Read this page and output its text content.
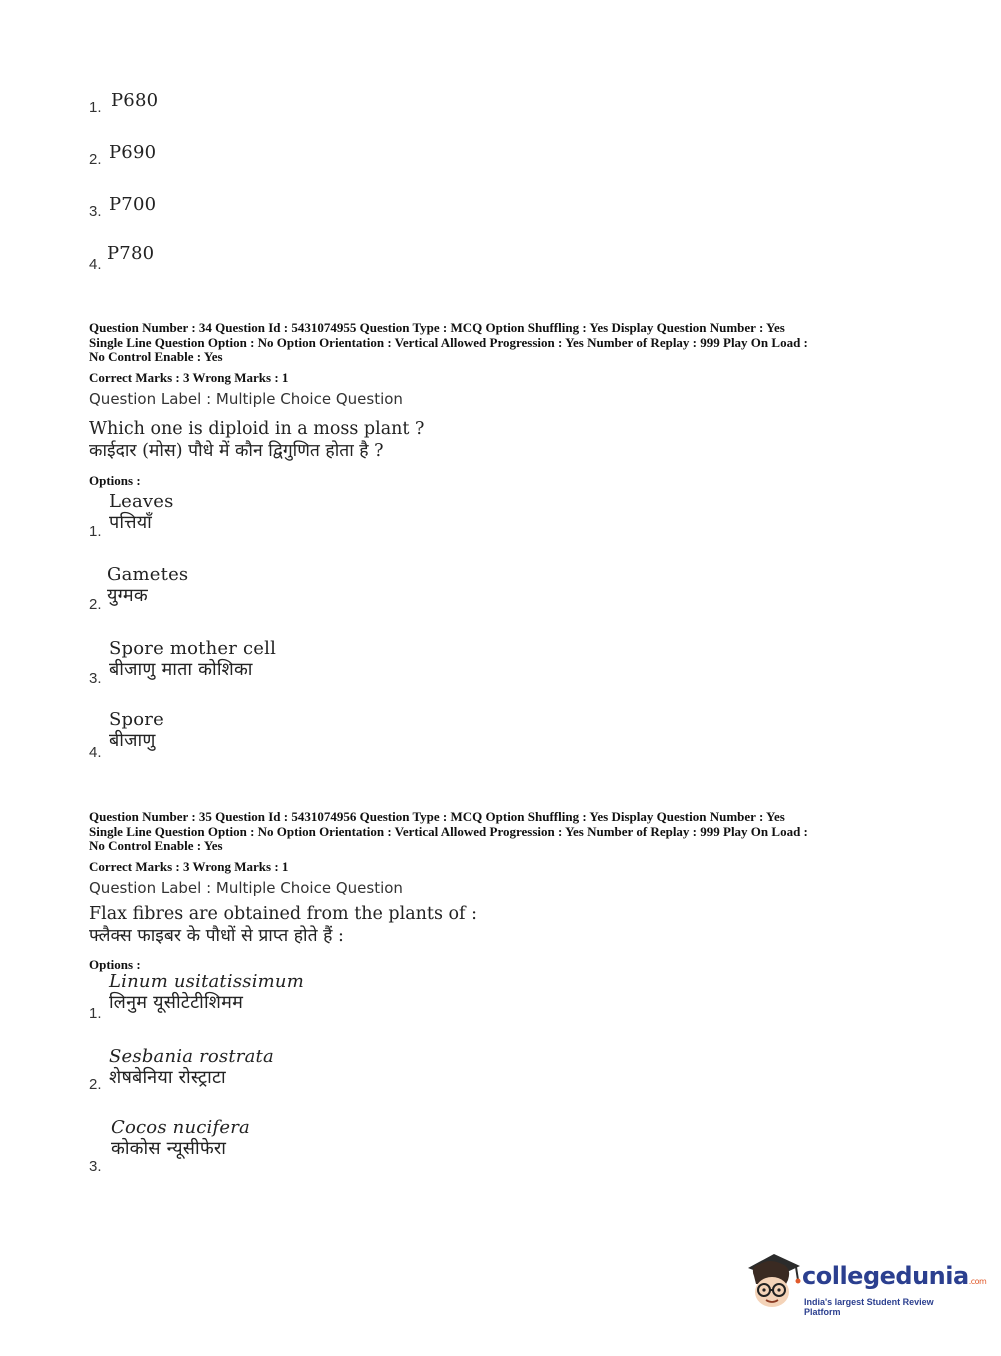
1. P680
2. P690
3. P700
4.
P780
Question Number : 34 Question Id : 5431074955 Question Type : MCQ Option Shuffling : Yes Display Question Number : Yes
Single Line Question Option : No Option Orientation : Vertical Allowed Progression : Yes Number of Replay : 999 Play On Load :
No Control Enable : Yes
Correct Marks : 3 Wrong Marks : 1
Question Label : Multiple Choice Question
Which one is diploid in a moss plant ?
काईदार (मोस) पौधे में कौन द्विगुणित होता है ?
Options :
1.
Leaves
पत्तियाँ
2.
Gametes
युग्मक
3.
Spore mother cell
बीजाणु माता कोशिका
4.
Spore
बीजाणु
Question Number : 35 Question Id : 5431074956 Question Type : MCQ Option Shuffling : Yes Display Question Number : Yes
Single Line Question Option : No Option Orientation : Vertical Allowed Progression : Yes Number of Replay : 999 Play On Load :
No Control Enable : Yes
Correct Marks : 3 Wrong Marks : 1
Question Label : Multiple Choice Question
Flax fibres are obtained from the plants of :
फ्लैक्स फाइबर के पौधों से प्राप्त होते हैं :
Options :
1.
Linum usitatissimum
लिनुम यूसीटेटीशिमम
2.
Sesbania rostrata
शेषबेनिया रोस्ट्राटा
3.
Cocos nucifera
कोकोस न्यूसीफेरा
collegedunia.com
India's largest Student Review Platform
